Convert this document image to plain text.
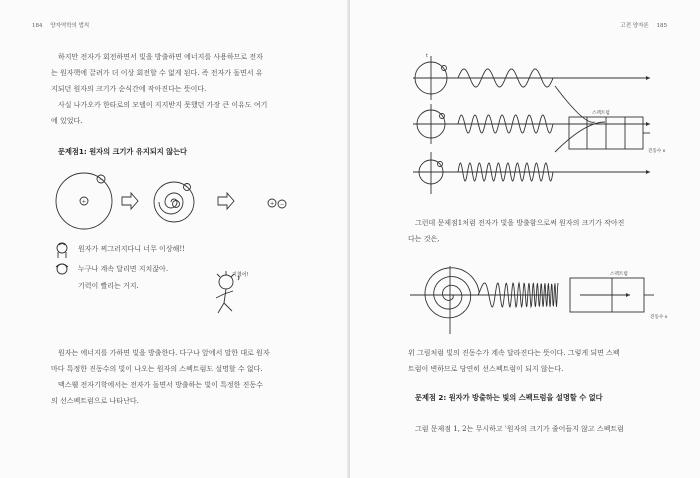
184 양자역학의 법칙
하지만 전자가 회전하면서 빛을 방출하면 에너지를 사용하므로 전자
는 원자핵에 끌려가 더 이상 회전할 수 없게 된다. 즉 전자가 돌면서 유
지되던 원자의 크기가 순식간에 작아진다는 뜻이다.
사실 나가오카 한타로의 모델이 지지받지 못했던 가장 큰 이유도 여기
에 있었다.
문제점1: 원자의 크기가 유지되지 않는다
+
−
+ −
원자가 찌그러지다니 너무 이상해!!
누구나 계속 달리면 지치잖아.
기력이 빨리는 거지.
지쳤어!
원자는 에너지를 가하면 빛을 방출한다. 다구나 앞에서 말한 대로 원자
마다 특정한 진동수의 빛이 나오는 원자의 스펙트럼도 설명할 수 없다.
맥스웰 전자기학에서는 전자가 돌면서 방출하는 빛이 특정한 진동수
의 선스펙트럼으로 나타난다.
고전 양자론 185
t
스펙트럼
진동수 ν
그런데 문제점1처럼 전자가 빛을 방출함으로써 원자의 크기가 작아진
다는 것은,
스펙트럼
진동수 ν
위 그림처럼 빛의 진동수가 계속 달라진다는 뜻이다. 그렇게 되면 스펙
트럼이 변하므로 당연히 선스펙트럼이 되지 않는다.
문제점 2: 원자가 방출하는 빛의 스펙트럼을 설명할 수 없다
그럼 문제점 1, 2는 무시하고 '원자의 크기가 줄어들지 않고 스펙트럼
